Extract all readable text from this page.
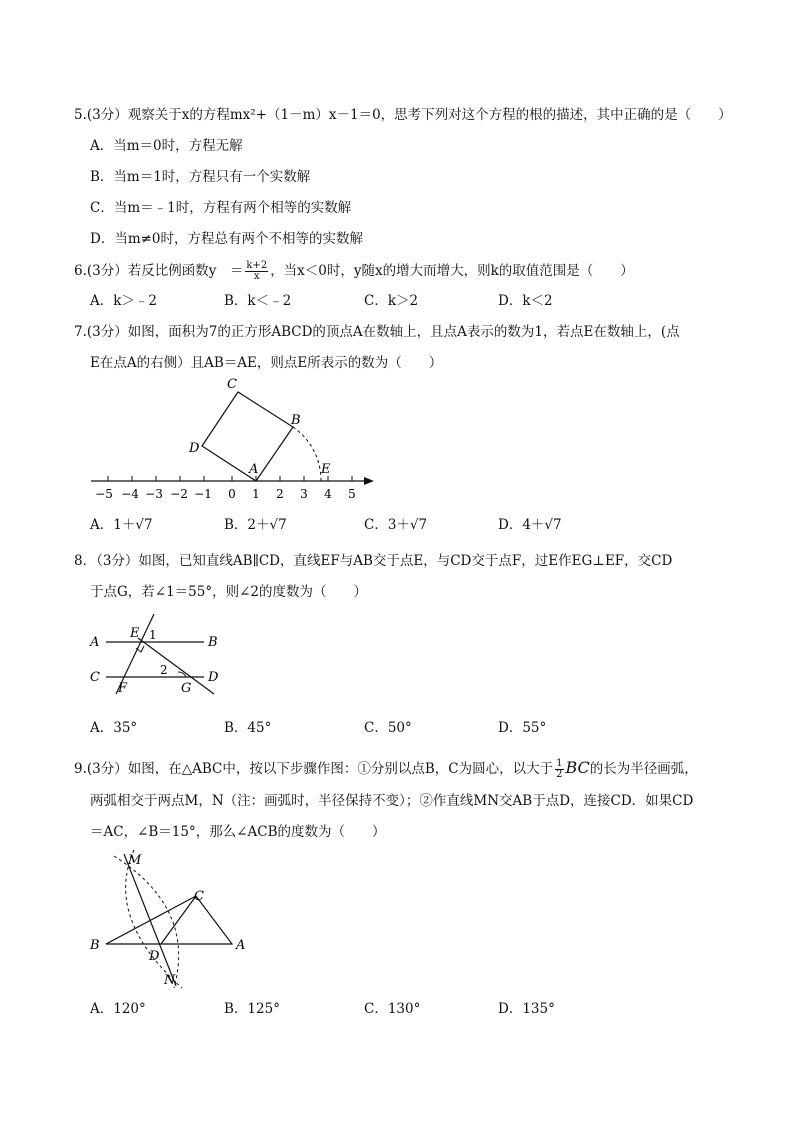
5.(3分）观察关于x的方程mx²+（1－m）x－1＝0，思考下列对这个方程的根的描述，其中正确的是（　　）
A．当m＝0时，方程无解
B．当m＝1时，方程只有一个实数解
C．当m＝﹣1时，方程有两个相等的实数解
D．当m≠0时，方程总有两个不相等的实数解
6.(3分）若反比例函数y　＝ $\frac{k+2}{x}$ ，当x＜0时，y随x的增大而增大，则k的取值范围是（　　）
A．k＞﹣2	B．k＜﹣2	C．k＞2	D．k＜2
7.(3分）如图，面积为7的正方形ABCD的顶点A在数轴上，且点A表示的数为1，若点E在数轴上，(点
E在点A的右侧）且AB＝AE，则点E所表示的数为（　　）
−5 −4 −3 −2 −1 0 1 2 3 4 5
C
B
D
A	E
A．1＋√7	B．2＋√7	C．3＋√7	D．4＋√7
8．（3分）如图，已知直线AB∥CD，直线EF与AB交于点E，与CD交于点F，过E作EG⊥EF，交CD
于点G，若∠1＝55°，则∠2的度数为（　　）
A	B
C	D
E
F	G
1
2
A．35°	B．45°	C．50°	D．55°
9.(3分）如图，在△ABC中，按以下步骤作图：①分别以点B，C为圆心，以大于 $\frac{1}{2}$ BC的长为半径画弧，
两弧相交于两点M，N（注：画弧时，半径保持不变）；②作直线MN交AB于点D，连接CD．如果CD
＝AC，∠B＝15°，那么∠ACB的度数为（　　）
M
N
B
C
D
A
A．120°	B．125°	C．130°	D．135°
